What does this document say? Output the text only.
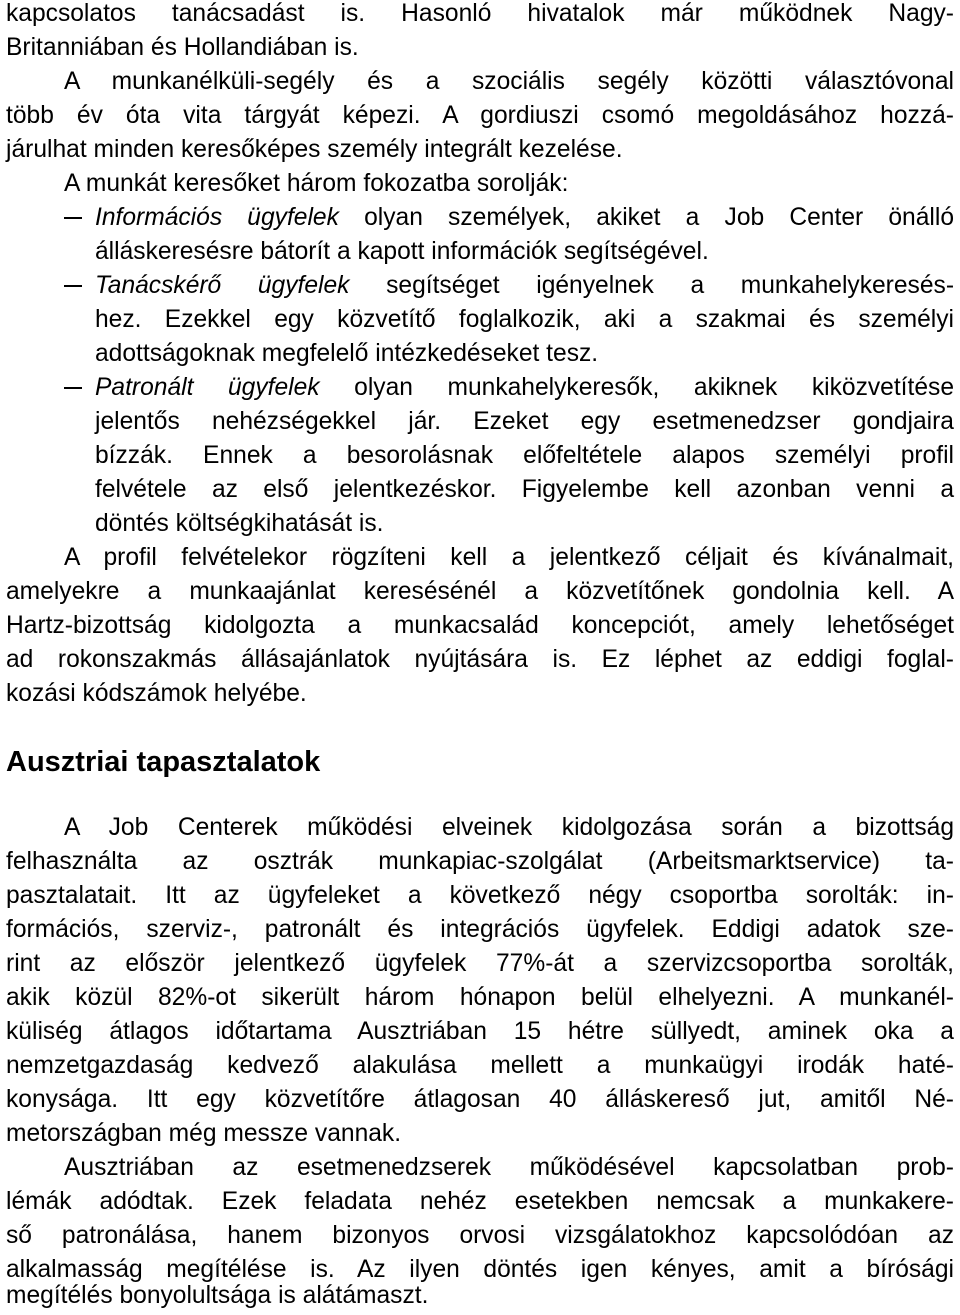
kapcsolatos tanácsadást is. Hasonló hivatalok már működnek Nagy-
Britanniában és Hollandiában is.
A munkanélküli-segély és a szociális segély közötti választóvonal
több év óta vita tárgyát képezi. A gordiuszi csomó megoldásához hozzá-
járulhat minden keresőképes személy integrált kezelése.
A munkát keresőket három fokozatba sorolják:
Információs ügyfelek olyan személyek, akiket a Job Center önálló
álláskeresésre bátorít a kapott információk segítségével.
Tanácskérő ügyfelek segítséget igényelnek a munkahelykeresés-
hez. Ezekkel egy közvetítő foglalkozik, aki a szakmai és személyi
adottságoknak megfelelő intézkedéseket tesz.
Patronált ügyfelek olyan munkahelykeresők, akiknek kiközvetítése
jelentős nehézségekkel jár. Ezeket egy esetmenedzser gondjaira
bízzák. Ennek a besorolásnak előfeltétele alapos személyi profil
felvétele az első jelentkezéskor. Figyelembe kell azonban venni a
döntés költségkihatását is.
A profil felvételekor rögzíteni kell a jelentkező céljait és kívánalmait,
amelyekre a munkaajánlat keresésénél a közvetítőnek gondolnia kell. A
Hartz-bizottság kidolgozta a munkacsalád koncepciót, amely lehetőséget
ad rokonszakmás állásajánlatok nyújtására is. Ez léphet az eddigi foglal-
kozási kódszámok helyébe.
Ausztriai tapasztalatok
A Job Centerek működési elveinek kidolgozása során a bizottság
felhasználta az osztrák munkapiac-szolgálat (Arbeitsmarktservice) ta-
pasztalatait. Itt az ügyfeleket a következő négy csoportba sorolták: in-
formációs, szerviz-, patronált és integrációs ügyfelek. Eddigi adatok sze-
rint az először jelentkező ügyfelek 77%-át a szervizcsoportba sorolták,
akik közül 82%-ot sikerült három hónapon belül elhelyezni. A munkanél-
küliség átlagos időtartama Ausztriában 15 hétre süllyedt, aminek oka a
nemzetgazdaság kedvező alakulása mellett a munkaügyi irodák haté-
konysága. Itt egy közvetítőre átlagosan 40 álláskereső jut, amitől Né-
metországban még messze vannak.
Ausztriában az esetmenedzserek működésével kapcsolatban prob-
lémák adódtak. Ezek feladata nehéz esetekben nemcsak a munkakere-
ső patronálása, hanem bizonyos orvosi vizsgálatokhoz kapcsolódóan az
alkalmasság megítélése is. Az ilyen döntés igen kényes, amit a bírósági
megítélés bonyolultsága is alátámaszt.
